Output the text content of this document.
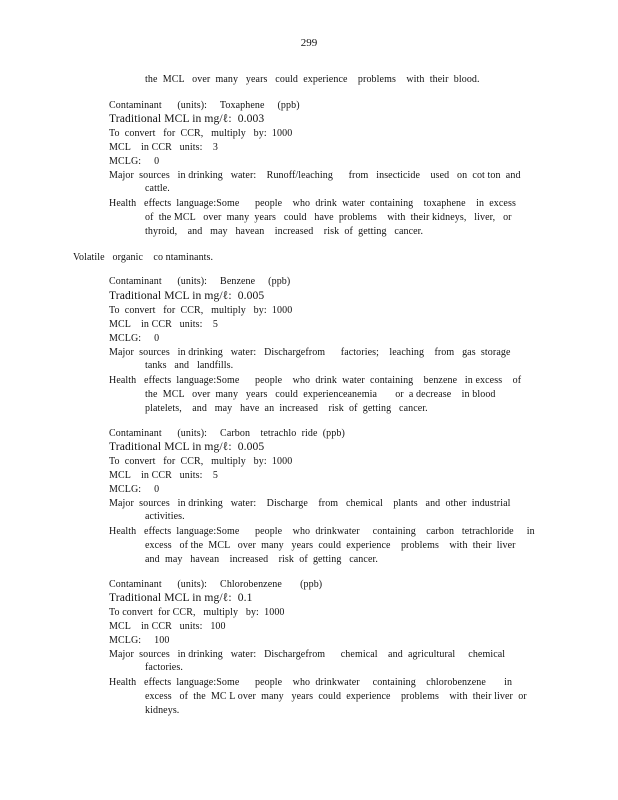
299
the  MCL   over  many   years   could  experience    problems    with  their  blood.
Contaminant      (units):     Toxaphene     (ppb)
Traditional MCL in mg/ℓ:  0.003
To  convert   for  CCR,   multiply   by:  1000
MCL    in CCR   units:    3
MCLG:     0
Major  sources   in drinking   water:    Runoff/leaching      from   insecticide    used   on  cot ton  and
cattle.
Health   effects  language:Some      people    who  drink  water  containing    toxaphene    in  excess
of  the MCL   over  many  years   could   have  problems    with  their kidneys,   liver,   or
thyroid,    and   may   havean    increased    risk  of  getting   cancer.
Volatile   organic    co ntaminants.
Contaminant      (units):     Benzene     (ppb)
Traditional MCL in mg/ℓ:  0.005
To  convert   for  CCR,   multiply   by:  1000
MCL    in CCR   units:    5
MCLG:     0
Major  sources   in drinking   water:   Dischargefrom      factories;    leaching    from   gas  storage
tanks   and   landfills.
Health   effects  language:Some      people    who  drink  water  containing    benzene   in excess    of
the  MCL   over  many   years   could  experienceanemia       or  a decrease    in blood
platelets,    and   may   have  an  increased    risk  of  getting   cancer.
Contaminant      (units):     Carbon    tetrachlo  ride  (ppb)
Traditional MCL in mg/ℓ:  0.005
To  convert   for  CCR,   multiply   by:  1000
MCL    in CCR   units:    5
MCLG:     0
Major  sources   in drinking   water:    Discharge    from   chemical    plants   and  other  industrial
activities.
Health   effects  language:Some      people    who  drinkwater     containing    carbon   tetrachloride     in
excess   of the  MCL   over  many   years  could  experience    problems    with  their  liver
and  may   havean    increased    risk  of  getting   cancer.
Contaminant      (units):     Chlorobenzene       (ppb)
Traditional MCL in mg/ℓ:  0.1
To convert  for CCR,   multiply   by:  1000
MCL    in CCR   units:   100
MCLG:     100
Major  sources   in drinking   water:   Dischargefrom      chemical    and  agricultural     chemical
factories.
Health   effects  language:Some      people    who  drinkwater     containing    chlorobenzene       in
excess   of  the  MC L over  many   years  could  experience    problems    with  their liver  or
kidneys.
